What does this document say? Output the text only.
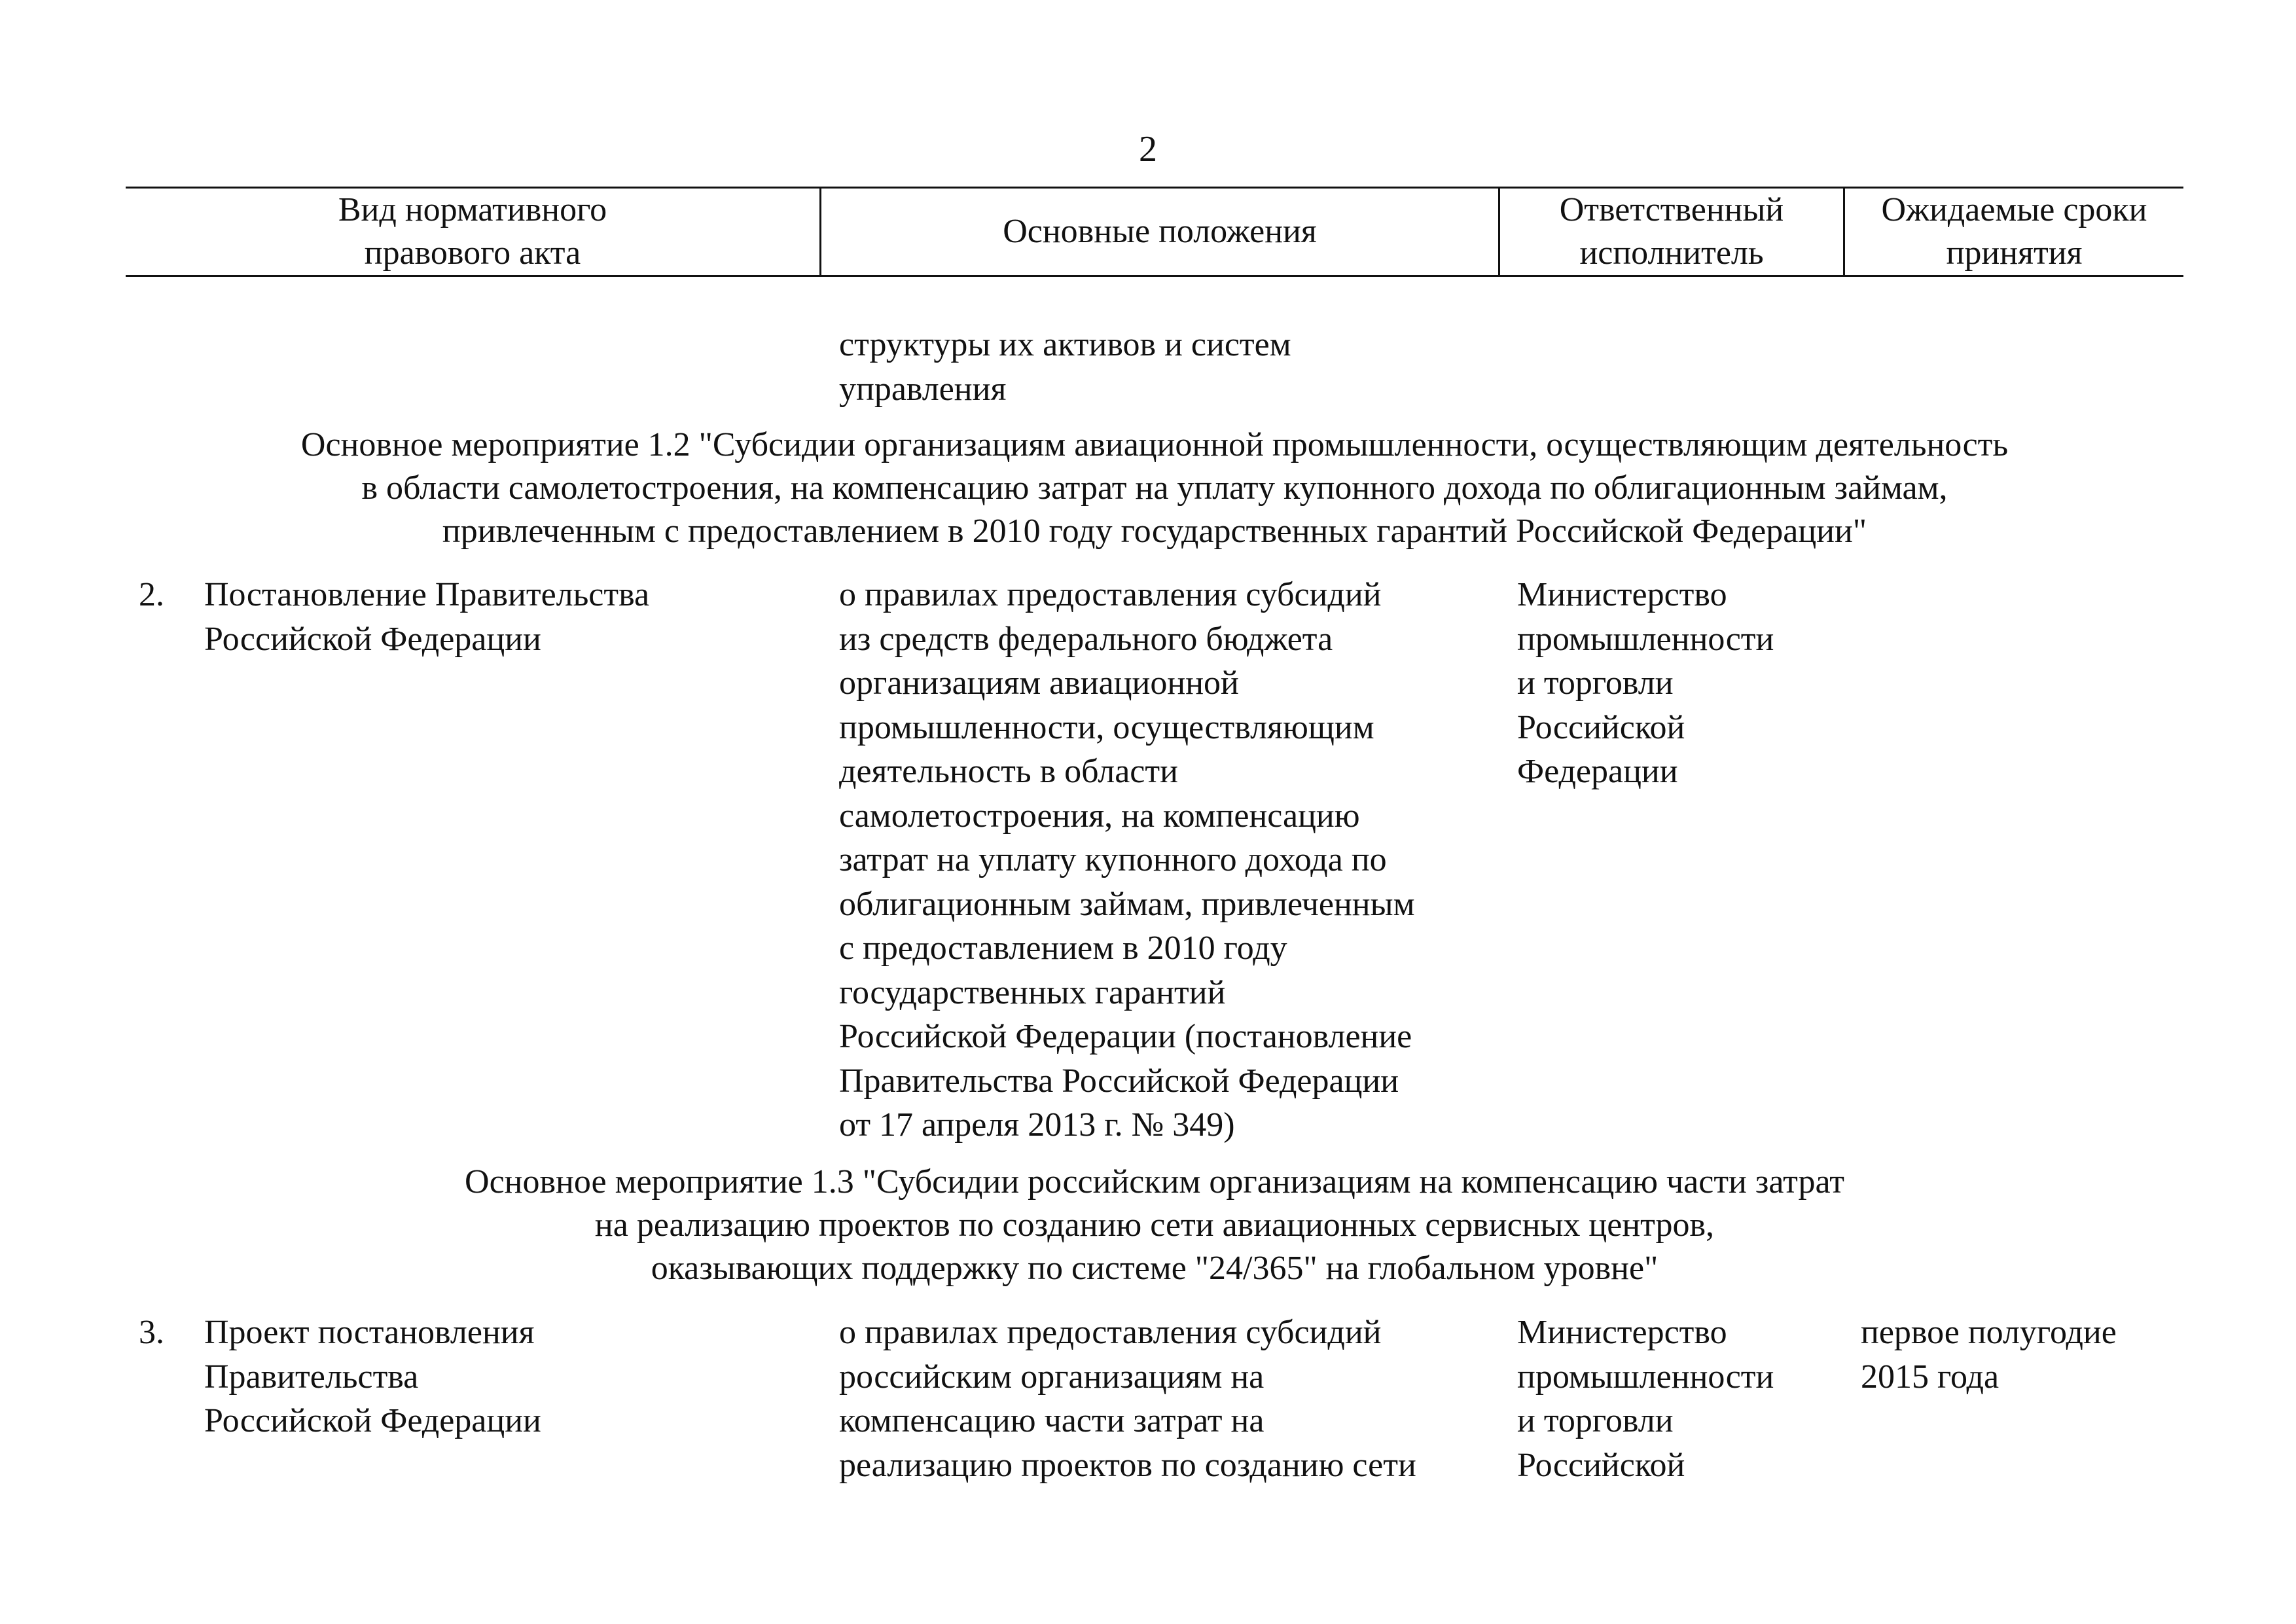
2
Вид нормативного
правового акта
Основные положения
Ответственный
исполнитель
Ожидаемые сроки
принятия
структуры их активов и систем
управления
Основное мероприятие 1.2 "Субсидии организациям авиационной промышленности, осуществляющим деятельность
в области самолетостроения, на компенсацию затрат на уплату купонного дохода по облигационным займам,
привлеченным с предоставлением в 2010 году государственных гарантий Российской Федерации"
2. Постановление Правительства
Российской Федерации
о правилах предоставления субсидий
из средств федерального бюджета
организациям авиационной
промышленности, осуществляющим
деятельность в области
самолетостроения, на компенсацию
затрат на уплату купонного дохода по
облигационным займам, привлеченным
с предоставлением в 2010 году
государственных гарантий
Российской Федерации (постановление
Правительства Российской Федерации
от 17 апреля 2013 г. № 349)
Министерство
промышленности
и торговли
Российской
Федерации
Основное мероприятие 1.3 "Субсидии российским организациям на компенсацию части затрат
на реализацию проектов по созданию сети авиационных сервисных центров,
оказывающих поддержку по системе "24/365" на глобальном уровне"
3. Проект постановления
Правительства
Российской Федерации
о правилах предоставления субсидий
российским организациям на
компенсацию части затрат на
реализацию проектов по созданию сети
Министерство
промышленности
и торговли
Российской
первое полугодие
2015 года
